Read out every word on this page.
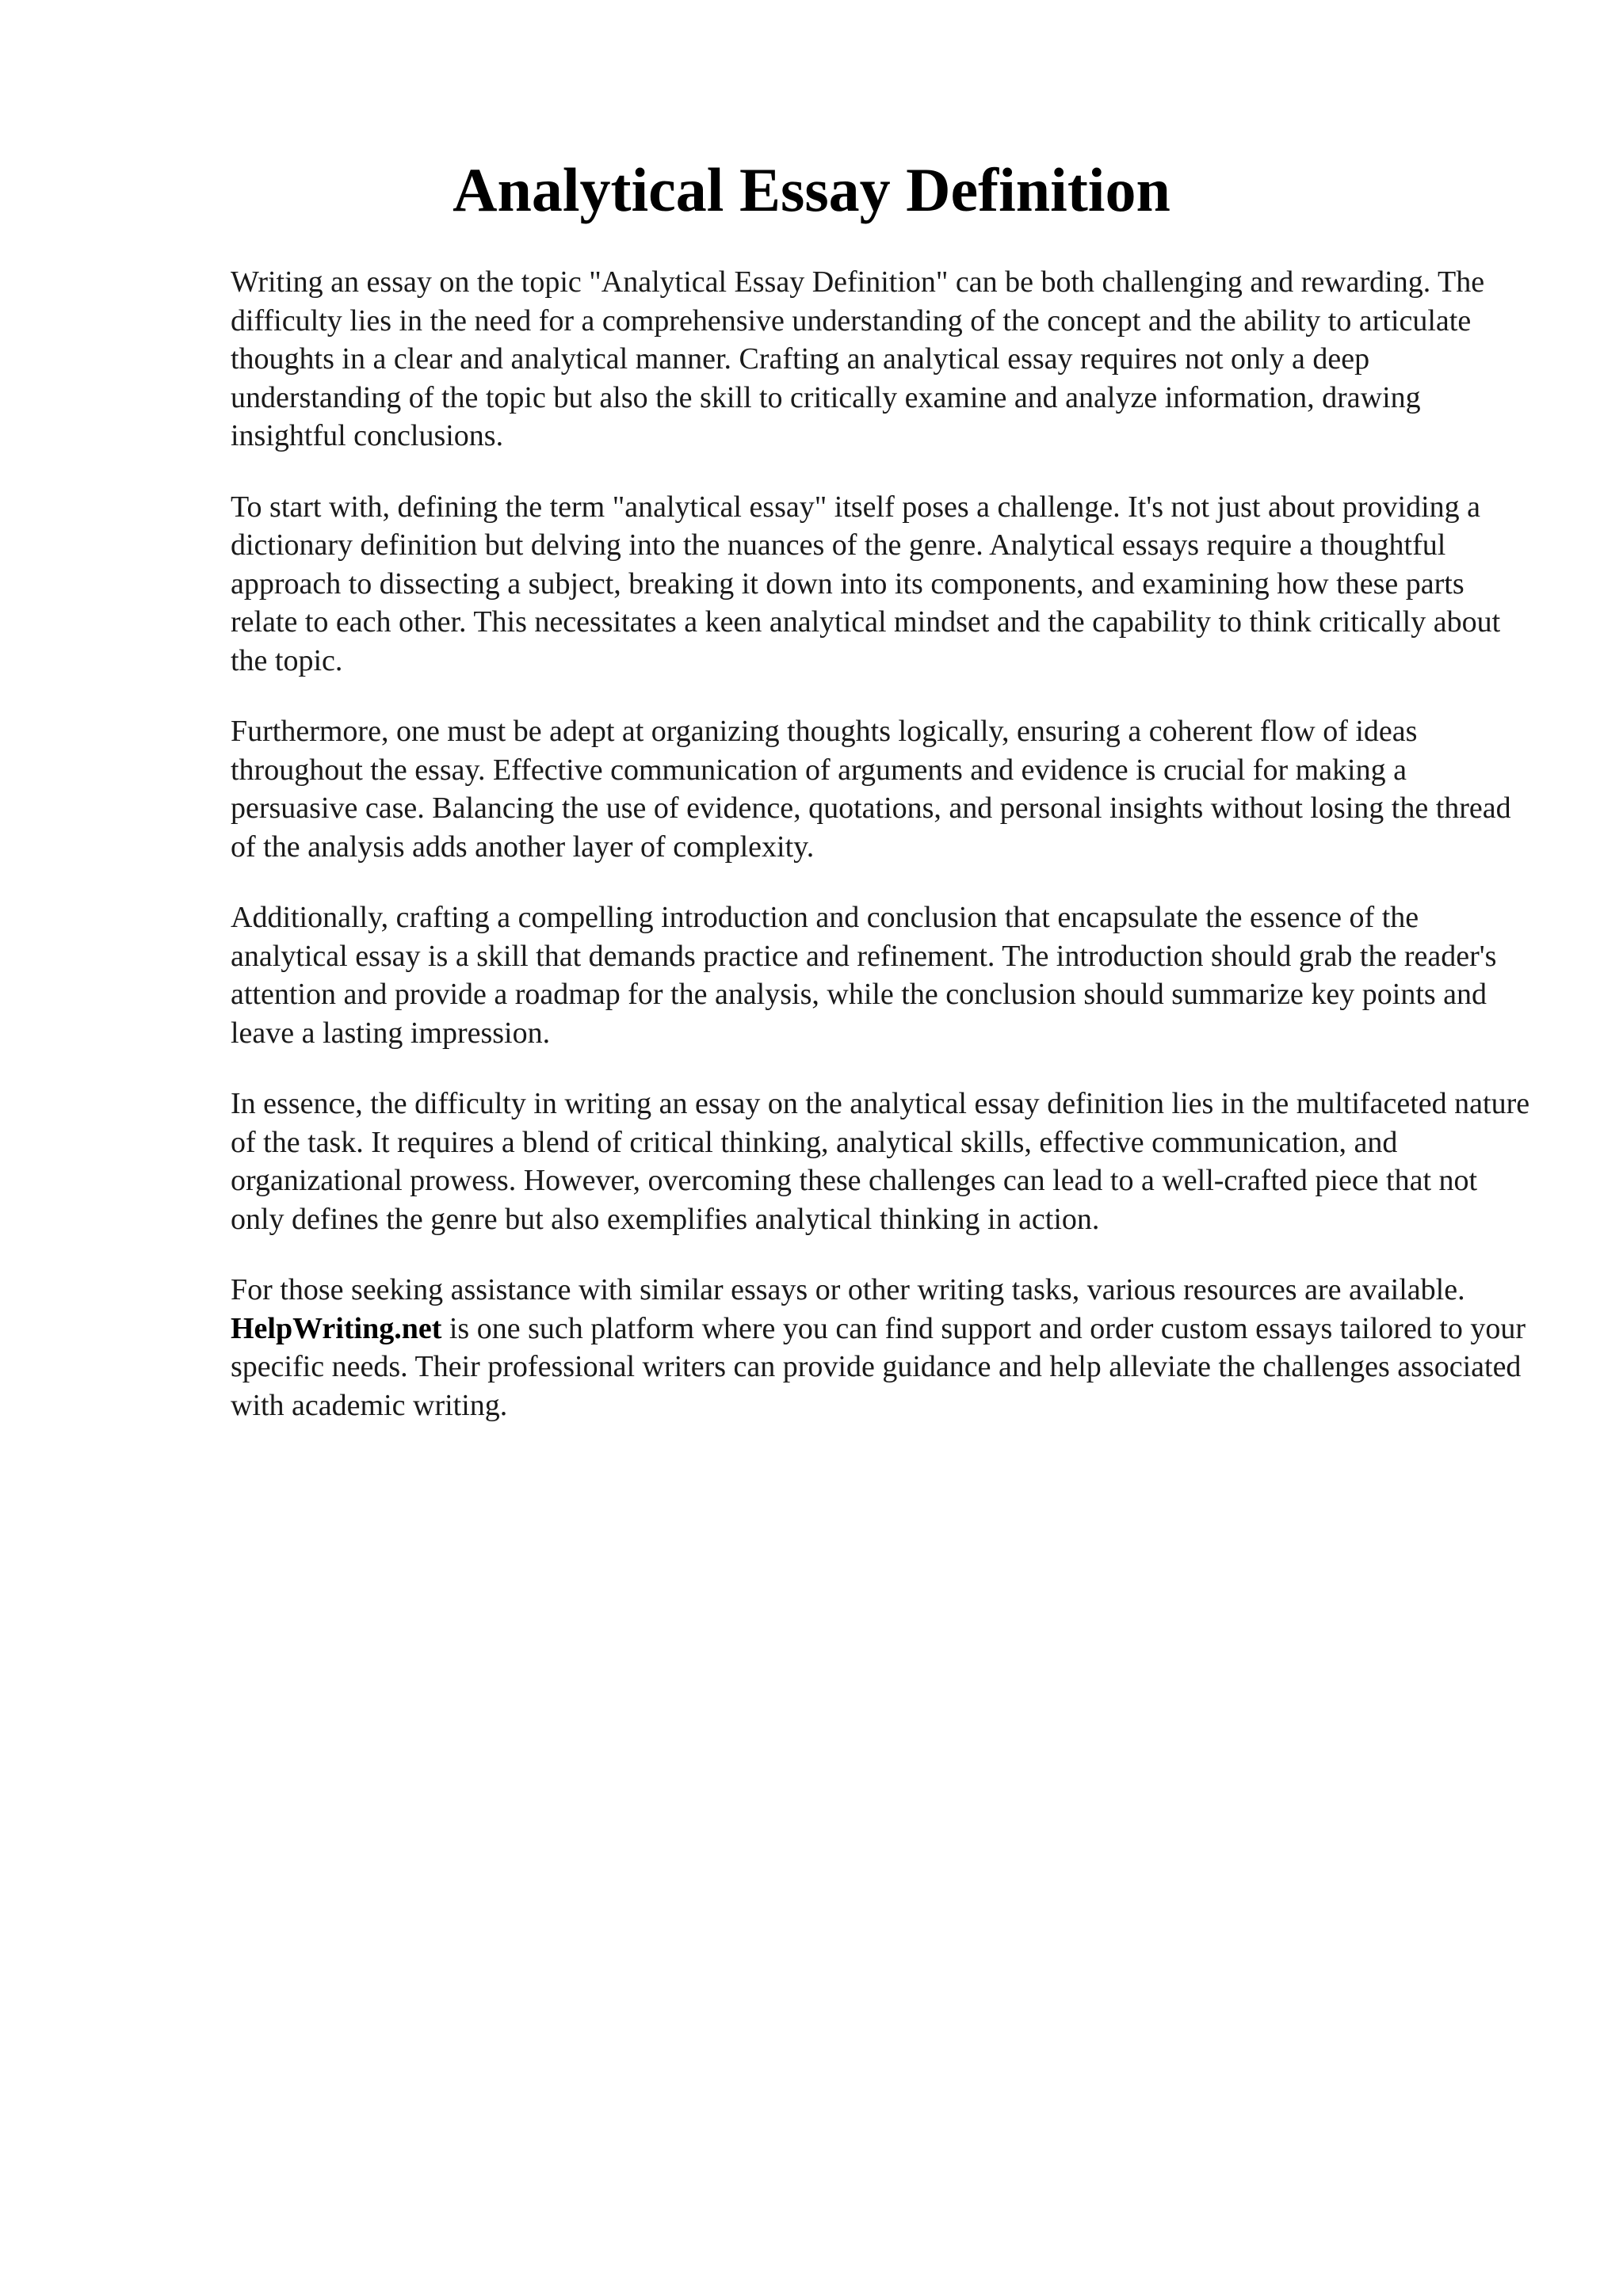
Analytical Essay Definition

Writing an essay on the topic "Analytical Essay Definition" can be both challenging and rewarding. The difficulty lies in the need for a comprehensive understanding of the concept and the ability to articulate thoughts in a clear and analytical manner. Crafting an analytical essay requires not only a deep understanding of the topic but also the skill to critically examine and analyze information, drawing insightful conclusions.

To start with, defining the term "analytical essay" itself poses a challenge. It's not just about providing a dictionary definition but delving into the nuances of the genre. Analytical essays require a thoughtful approach to dissecting a subject, breaking it down into its components, and examining how these parts relate to each other. This necessitates a keen analytical mindset and the capability to think critically about the topic.

Furthermore, one must be adept at organizing thoughts logically, ensuring a coherent flow of ideas throughout the essay. Effective communication of arguments and evidence is crucial for making a persuasive case. Balancing the use of evidence, quotations, and personal insights without losing the thread of the analysis adds another layer of complexity.

Additionally, crafting a compelling introduction and conclusion that encapsulate the essence of the analytical essay is a skill that demands practice and refinement. The introduction should grab the reader's attention and provide a roadmap for the analysis, while the conclusion should summarize key points and leave a lasting impression.

In essence, the difficulty in writing an essay on the analytical essay definition lies in the multifaceted nature of the task. It requires a blend of critical thinking, analytical skills, effective communication, and organizational prowess. However, overcoming these challenges can lead to a well-crafted piece that not only defines the genre but also exemplifies analytical thinking in action.

For those seeking assistance with similar essays or other writing tasks, various resources are available. HelpWriting.net is one such platform where you can find support and order custom essays tailored to your specific needs. Their professional writers can provide guidance and help alleviate the challenges associated with academic writing.
